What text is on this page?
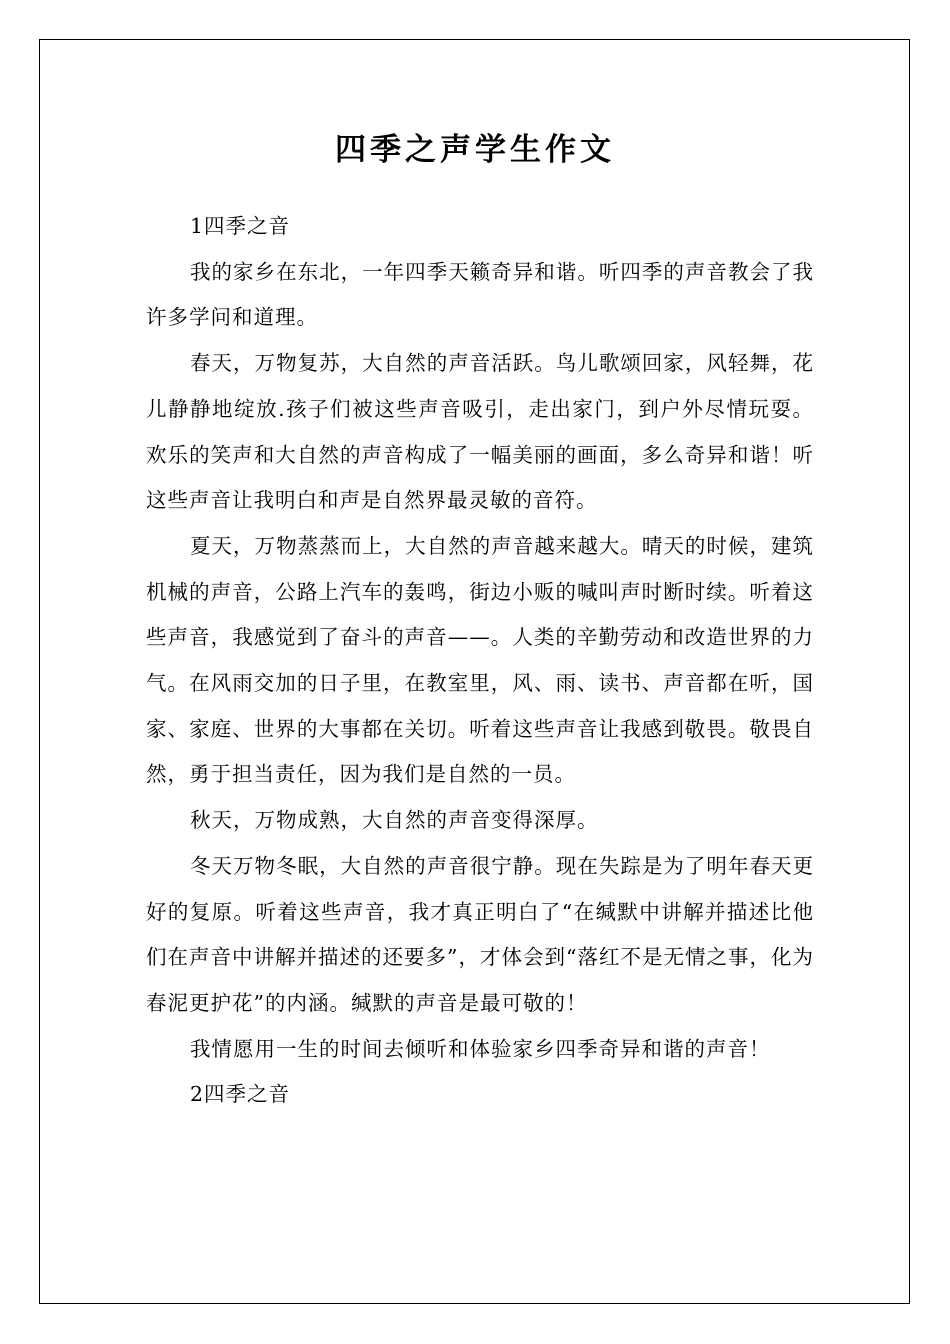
四季之声学生作文

1四季之音

我的家乡在东北，一年四季天籁奇异和谐。听四季的声音教会了我许多学问和道理。

春天，万物复苏，大自然的声音活跃。鸟儿歌颂回家，风轻舞，花儿静静地绽放.孩子们被这些声音吸引，走出家门，到户外尽情玩耍。欢乐的笑声和大自然的声音构成了一幅美丽的画面，多么奇异和谐！听这些声音让我明白和声是自然界最灵敏的音符。

夏天，万物蒸蒸而上，大自然的声音越来越大。晴天的时候，建筑机械的声音，公路上汽车的轰鸣，街边小贩的喊叫声时断时续。听着这些声音，我感觉到了奋斗的声音——。人类的辛勤劳动和改造世界的力气。在风雨交加的日子里，在教室里，风、雨、读书、声音都在听，国家、家庭、世界的大事都在关切。听着这些声音让我感到敬畏。敬畏自然，勇于担当责任，因为我们是自然的一员。

秋天，万物成熟，大自然的声音变得深厚。

冬天万物冬眠，大自然的声音很宁静。现在失踪是为了明年春天更好的复原。听着这些声音，我才真正明白了“在缄默中讲解并描述比他们在声音中讲解并描述的还要多”，才体会到“落红不是无情之事，化为春泥更护花”的内涵。缄默的声音是最可敬的！

我情愿用一生的时间去倾听和体验家乡四季奇异和谐的声音！

2四季之音
